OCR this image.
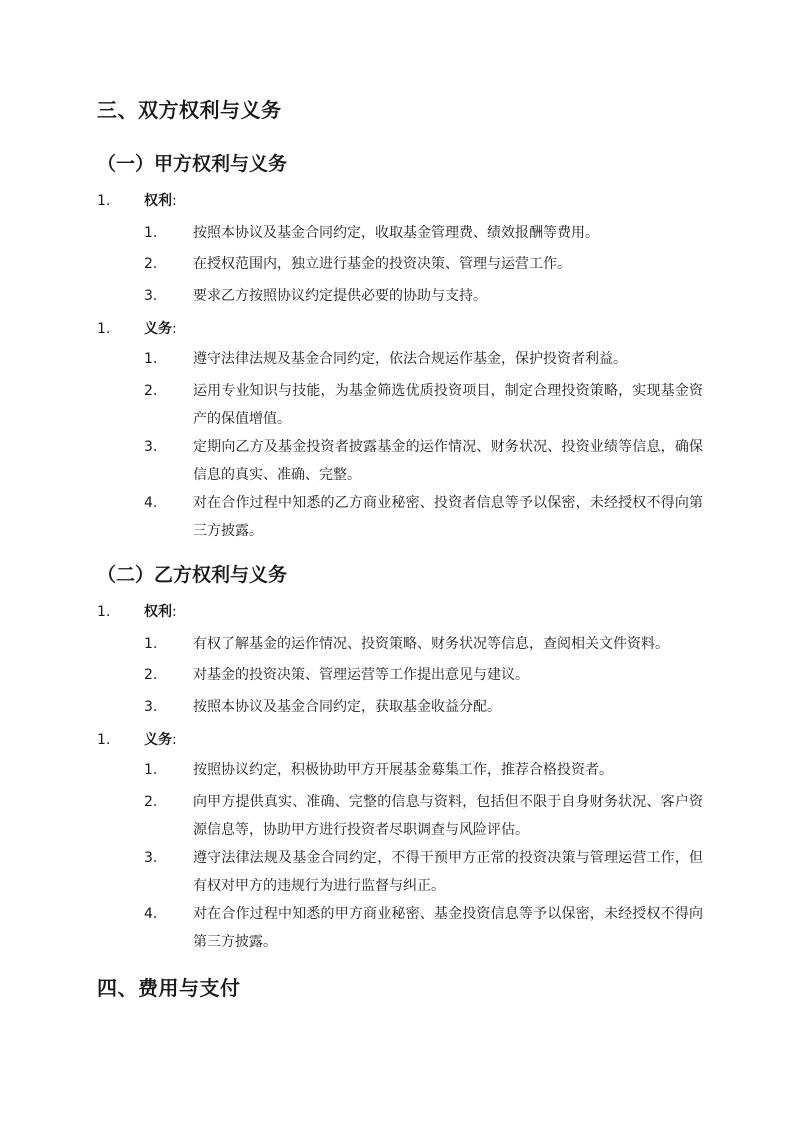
三、双方权利与义务
（一）甲方权利与义务
1. 权利:
1.	按照本协议及基金合同约定，收取基金管理费、绩效报酬等费用。
2.	在授权范围内，独立进行基金的投资决策、管理与运营工作。
3.	要求乙方按照协议约定提供必要的协助与支持。
1. 义务:
1.	遵守法律法规及基金合同约定，依法合规运作基金，保护投资者利益。
2.	运用专业知识与技能，为基金筛选优质投资项目，制定合理投资策略，实现基金资产的保值增值。
3.	定期向乙方及基金投资者披露基金的运作情况、财务状况、投资业绩等信息，确保信息的真实、准确、完整。
4.	对在合作过程中知悉的乙方商业秘密、投资者信息等予以保密，未经授权不得向第三方披露。
（二）乙方权利与义务
1. 权利:
1.	有权了解基金的运作情况、投资策略、财务状况等信息，查阅相关文件资料。
2.	对基金的投资决策、管理运营等工作提出意见与建议。
3.	按照本协议及基金合同约定，获取基金收益分配。
1. 义务:
1.	按照协议约定，积极协助甲方开展基金募集工作，推荐合格投资者。
2.	向甲方提供真实、准确、完整的信息与资料，包括但不限于自身财务状况、客户资源信息等，协助甲方进行投资者尽职调查与风险评估。
3.	遵守法律法规及基金合同约定，不得干预甲方正常的投资决策与管理运营工作，但有权对甲方的违规行为进行监督与纠正。
4.	对在合作过程中知悉的甲方商业秘密、基金投资信息等予以保密，未经授权不得向第三方披露。
四、费用与支付
